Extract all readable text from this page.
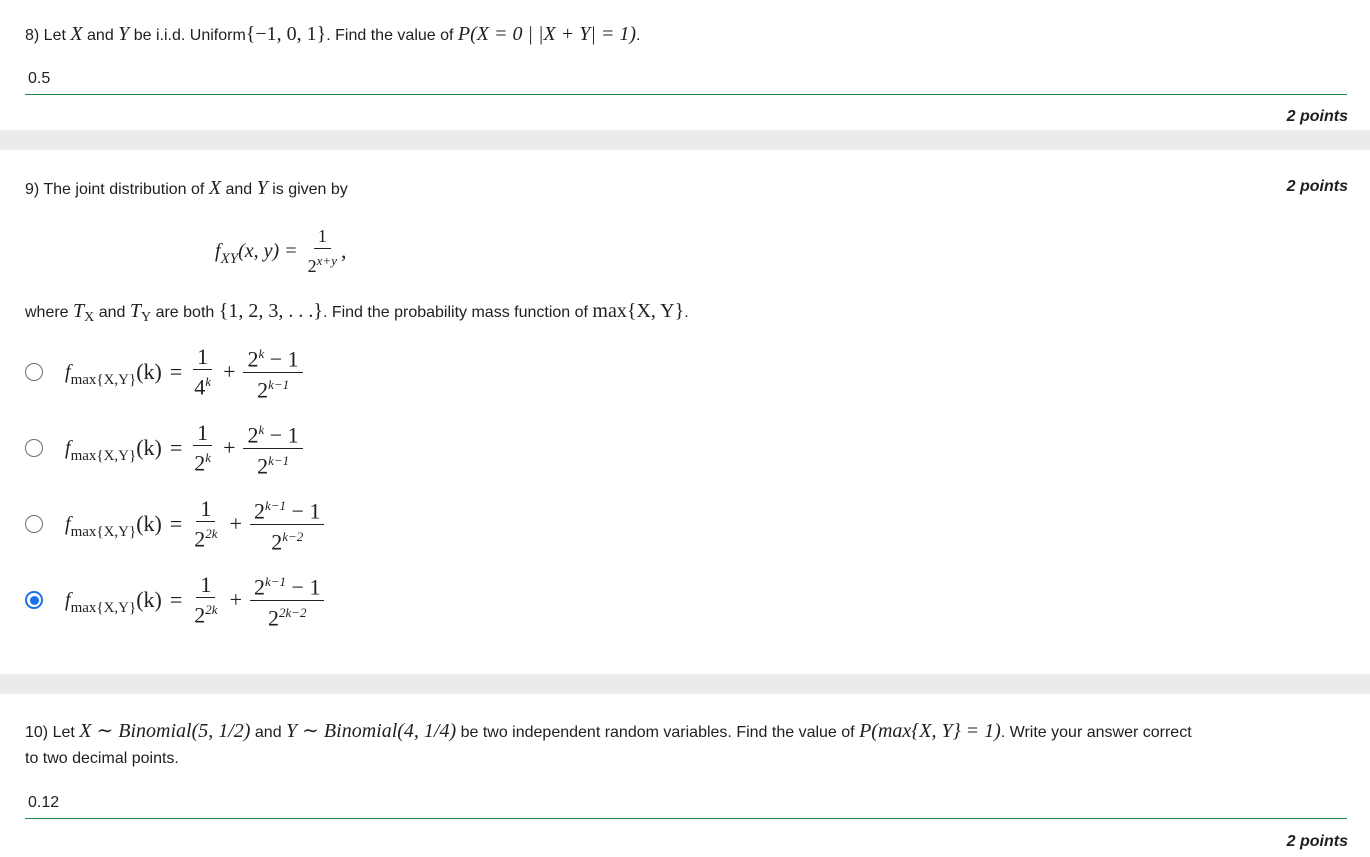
8) Let X and Y be i.i.d. Uniform{−1, 0, 1}. Find the value of P(X = 0 | |X + Y| = 1).
0.5
2 points
9) The joint distribution of X and Y is given by	2 points
f XY (x, $y) = \frac{1}{2^{x+y}}$ ,
where TX and TY are both {1, 2, 3, . . .}. Find the probability mass function of max{X, Y}.
f max{X,Y} $(k) = \frac{1}{4^k} + \frac{2^k - 1}{2^{k-1}}$
f max{X,Y} $(k) = \frac{1}{2^k} + \frac{2^k - 1}{2^{k-1}}$
f max{X,Y} $(k) = \frac{1}{2^{2k}} + \frac{2^{k-1} - 1}{2^{k-2}}$
f max{X,Y} $(k) = \frac{1}{2^{2k}} + \frac{2^{k-1} - 1}{2^{2k-2}}$
10) Let X ∼ Binomial(5, 1/2) and Y ∼ Binomial(4, 1/4) be two independent random variables. Find the value of P(max{X, Y} = 1). Write your answer correct
to two decimal points.
0.12
2 points
